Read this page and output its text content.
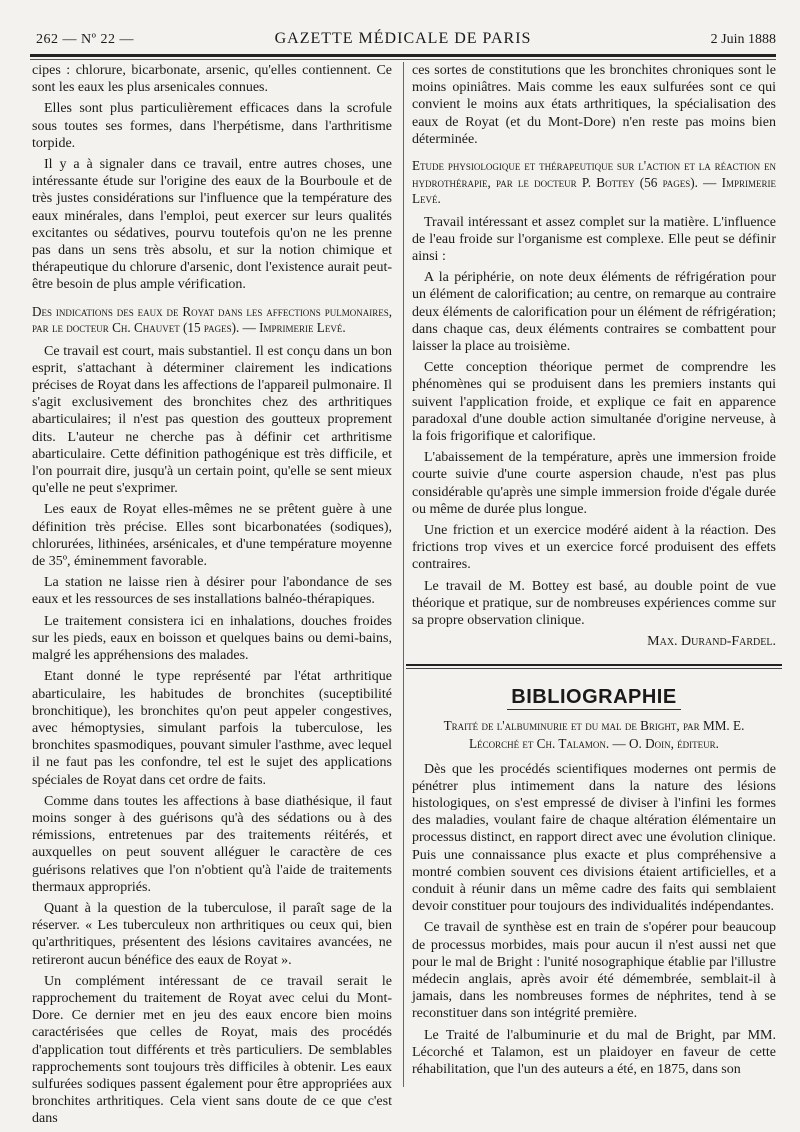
262 — Nº 22 —	GAZETTE MÉDICALE DE PARIS	2 Juin 1888

cipes : chlorure, bicarbonate, arsenic, qu'elles contiennent. Ce sont les eaux les plus arsenicales connues.

Elles sont plus particulièrement efficaces dans la scrofule sous toutes ses formes, dans l'herpétisme, dans l'arthritisme torpide.

Il y a à signaler dans ce travail, entre autres choses, une intéressante étude sur l'origine des eaux de la Bourboule et de très justes considérations sur l'influence que la température des eaux minérales, dans l'emploi, peut exercer sur leurs qualités excitantes ou sédatives, pourvu toutefois qu'on ne les prenne pas dans un sens très absolu, et sur la notion chimique et thérapeutique du chlorure d'arsenic, dont l'existence aurait peut-être besoin de plus ample vérification.

Des indications des eaux de Royat dans les affections pulmonaires, par le docteur Ch. Chauvet (15 pages). — Imprimerie Levé.

Ce travail est court, mais substantiel. Il est conçu dans un bon esprit, s'attachant à déterminer clairement les indications précises de Royat dans les affections de l'appareil pulmonaire. Il s'agit exclusivement des bronchites chez des arthritiques abarticulaires; il n'est pas question des goutteux proprement dits. L'auteur ne cherche pas à définir cet arthritisme abarticulaire. Cette définition pathogénique est très difficile, et l'on pourrait dire, jusqu'à un certain point, qu'elle se sent mieux qu'elle ne peut s'exprimer.

Les eaux de Royat elles-mêmes ne se prêtent guère à une définition très précise. Elles sont bicarbonatées (sodiques), chlorurées, lithinées, arsénicales, et d'une température moyenne de 35º, éminemment favorable.

La station ne laisse rien à désirer pour l'abondance de ses eaux et les ressources de ses installations balnéo-thérapiques.

Le traitement consistera ici en inhalations, douches froides sur les pieds, eaux en boisson et quelques bains ou demi-bains, malgré les appréhensions des malades.

Etant donné le type représenté par l'état arthritique abarticulaire, les habitudes de bronchites (suceptibilité bronchitique), les bronchites qu'on peut appeler congestives, avec hémoptysies, simulant parfois la tuberculose, les bronchites spasmodiques, pouvant simuler l'asthme, avec lequel il ne faut pas les confondre, tel est le sujet des applications spéciales de Royat dans cet ordre de faits.

Comme dans toutes les affections à base diathésique, il faut moins songer à des guérisons qu'à des sédations ou à des rémissions, entretenues par des traitements réitérés, et auxquelles on peut souvent alléguer le caractère de ces guérisons relatives que l'on n'obtient qu'à l'aide de traitements thermaux appropriés.

Quant à la question de la tuberculose, il paraît sage de la réserver. « Les tuberculeux non arthritiques ou ceux qui, bien qu'arthritiques, présentent des lésions cavitaires avancées, ne retireront aucun bénéfice des eaux de Royat ».

Un complément intéressant de ce travail serait le rapprochement du traitement de Royat avec celui du Mont-Dore. Ce dernier met en jeu des eaux encore bien moins caractérisées que celles de Royat, mais des procédés d'application tout différents et très particuliers. De semblables rapprochements sont toujours très difficiles à obtenir. Les eaux sulfurées sodiques passent également pour être appropriées aux bronchites arthritiques. Cela vient sans doute de ce que c'est dans

ces sortes de constitutions que les bronchites chroniques sont le moins opiniâtres. Mais comme les eaux sulfurées sont ce qui convient le moins aux états arthritiques, la spécialisation des eaux de Royat (et du Mont-Dore) n'en reste pas moins bien déterminée.

Etude physiologique et thérapeutique sur l'action et la réaction en hydrothérapie, par le docteur P. Bottey (56 pages). — Imprimerie Levé.

Travail intéressant et assez complet sur la matière. L'influence de l'eau froide sur l'organisme est complexe. Elle peut se définir ainsi :

A la périphérie, on note deux éléments de réfrigération pour un élément de calorification; au centre, on remarque au contraire deux éléments de calorification pour un élément de réfrigération; dans chaque cas, deux éléments contraires se combattent pour laisser la place au troisième.

Cette conception théorique permet de comprendre les phénomènes qui se produisent dans les premiers instants qui suivent l'application froide, et explique ce fait en apparence paradoxal d'une double action simultanée d'origine nerveuse, à la fois frigorifique et calorifique.

L'abaissement de la température, après une immersion froide courte suivie d'une courte aspersion chaude, n'est pas plus considérable qu'après une simple immersion froide d'égale durée ou même de durée plus longue.

Une friction et un exercice modéré aident à la réaction. Des frictions trop vives et un exercice forcé produisent des effets contraires.

Le travail de M. Bottey est basé, au double point de vue théorique et pratique, sur de nombreuses expériences comme sur sa propre observation clinique.

Max. Durand-Fardel.

BIBLIOGRAPHIE

Traité de l'albuminurie et du mal de Bright, par MM. E.

Lécorché et Ch. Talamon. — O. Doin, éditeur.

Dès que les procédés scientifiques modernes ont permis de pénétrer plus intimement dans la nature des lésions histologiques, on s'est empressé de diviser à l'infini les formes des maladies, voulant faire de chaque altération élémentaire un processus distinct, en rapport direct avec une évolution clinique. Puis une connaissance plus exacte et plus compréhensive a montré combien souvent ces divisions étaient artificielles, et a conduit à réunir dans un même cadre des faits qui semblaient devoir constituer pour toujours des individualités indépendantes.

Ce travail de synthèse est en train de s'opérer pour beaucoup de processus morbides, mais pour aucun il n'est aussi net que pour le mal de Bright : l'unité nosographique établie par l'illustre médecin anglais, après avoir été démembrée, semblait-il à jamais, dans les nombreuses formes de néphrites, tend à se reconstituer dans son intégrité première.

Le Traité de l'albuminurie et du mal de Bright, par MM. Lécorché et Talamon, est un plaidoyer en faveur de cette réhabilitation, que l'un des auteurs a été, en 1875, dans son
